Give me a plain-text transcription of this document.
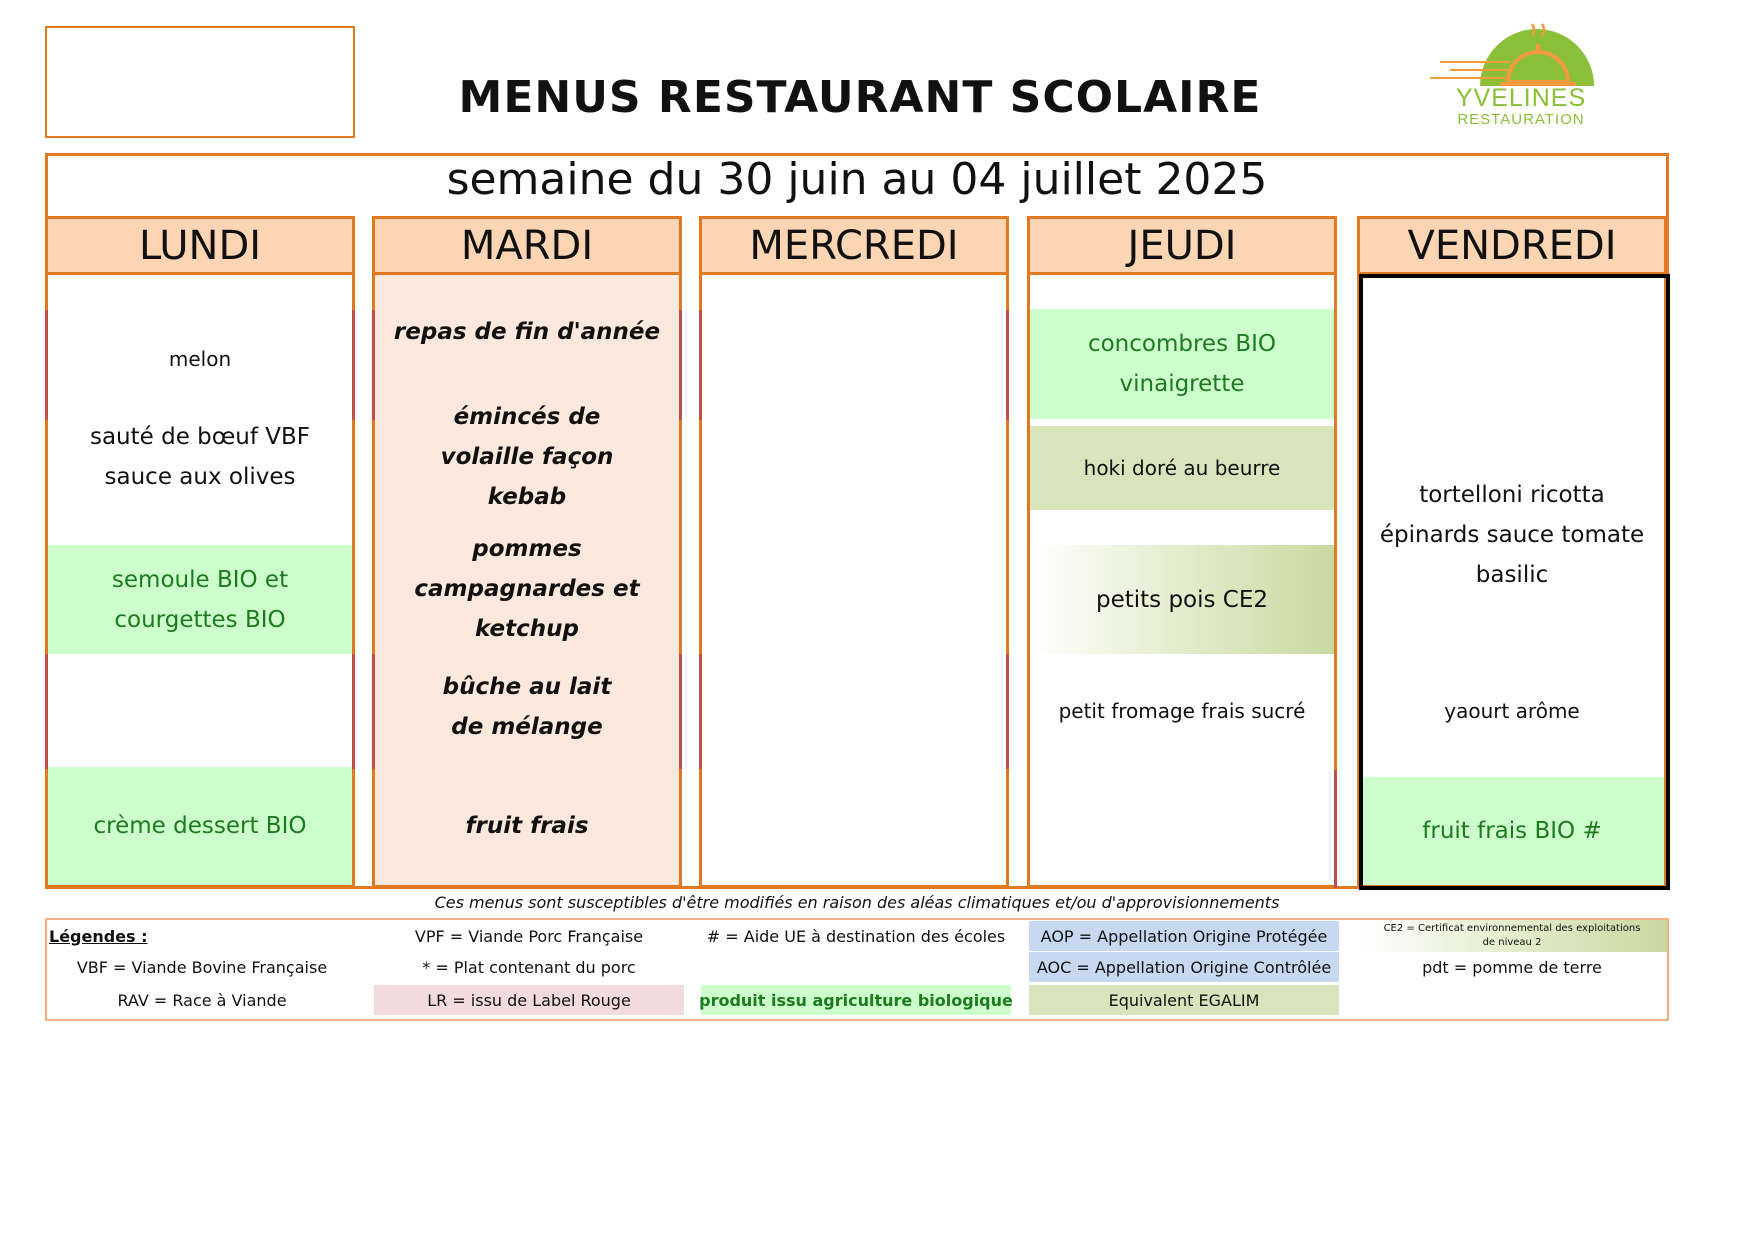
MENUS RESTAURANT SCOLAIRE	YVELINES
RESTAURATION
semaine du 30 juin au 04 juillet 2025
LUNDI
melon
sauté de bœuf VBF sauce aux olives
semoule BIO et courgettes BIO
crème dessert BIO
MARDI
repas de fin d'année
émincés de volaille façon kebab
pommes campagnardes et ketchup
bûche au lait de mélange
fruit frais
MERCREDI	JEUDI
concombres BIO vinaigrette
hoki doré au beurre
petits pois CE2
petit fromage frais sucré
VENDREDI
tortelloni ricotta épinards sauce tomate basilic
yaourt arôme
fruit frais BIO #
Ces menus sont susceptibles d'être modifiés en raison des aléas climatiques et/ou d'approvisionnements
Légendes :
VBF = Viande Bovine Française
RAV = Race à Viande
VPF = Viande Porc Française
* = Plat contenant du porc
LR = issu de Label Rouge
# = Aide UE à destination des écoles
produit issu agriculture biologique
AOP = Appellation Origine Protégée
AOC = Appellation Origine Contrôlée
Equivalent EGALIM
CE2 = Certificat environnemental des exploitations de niveau 2
pdt = pomme de terre
